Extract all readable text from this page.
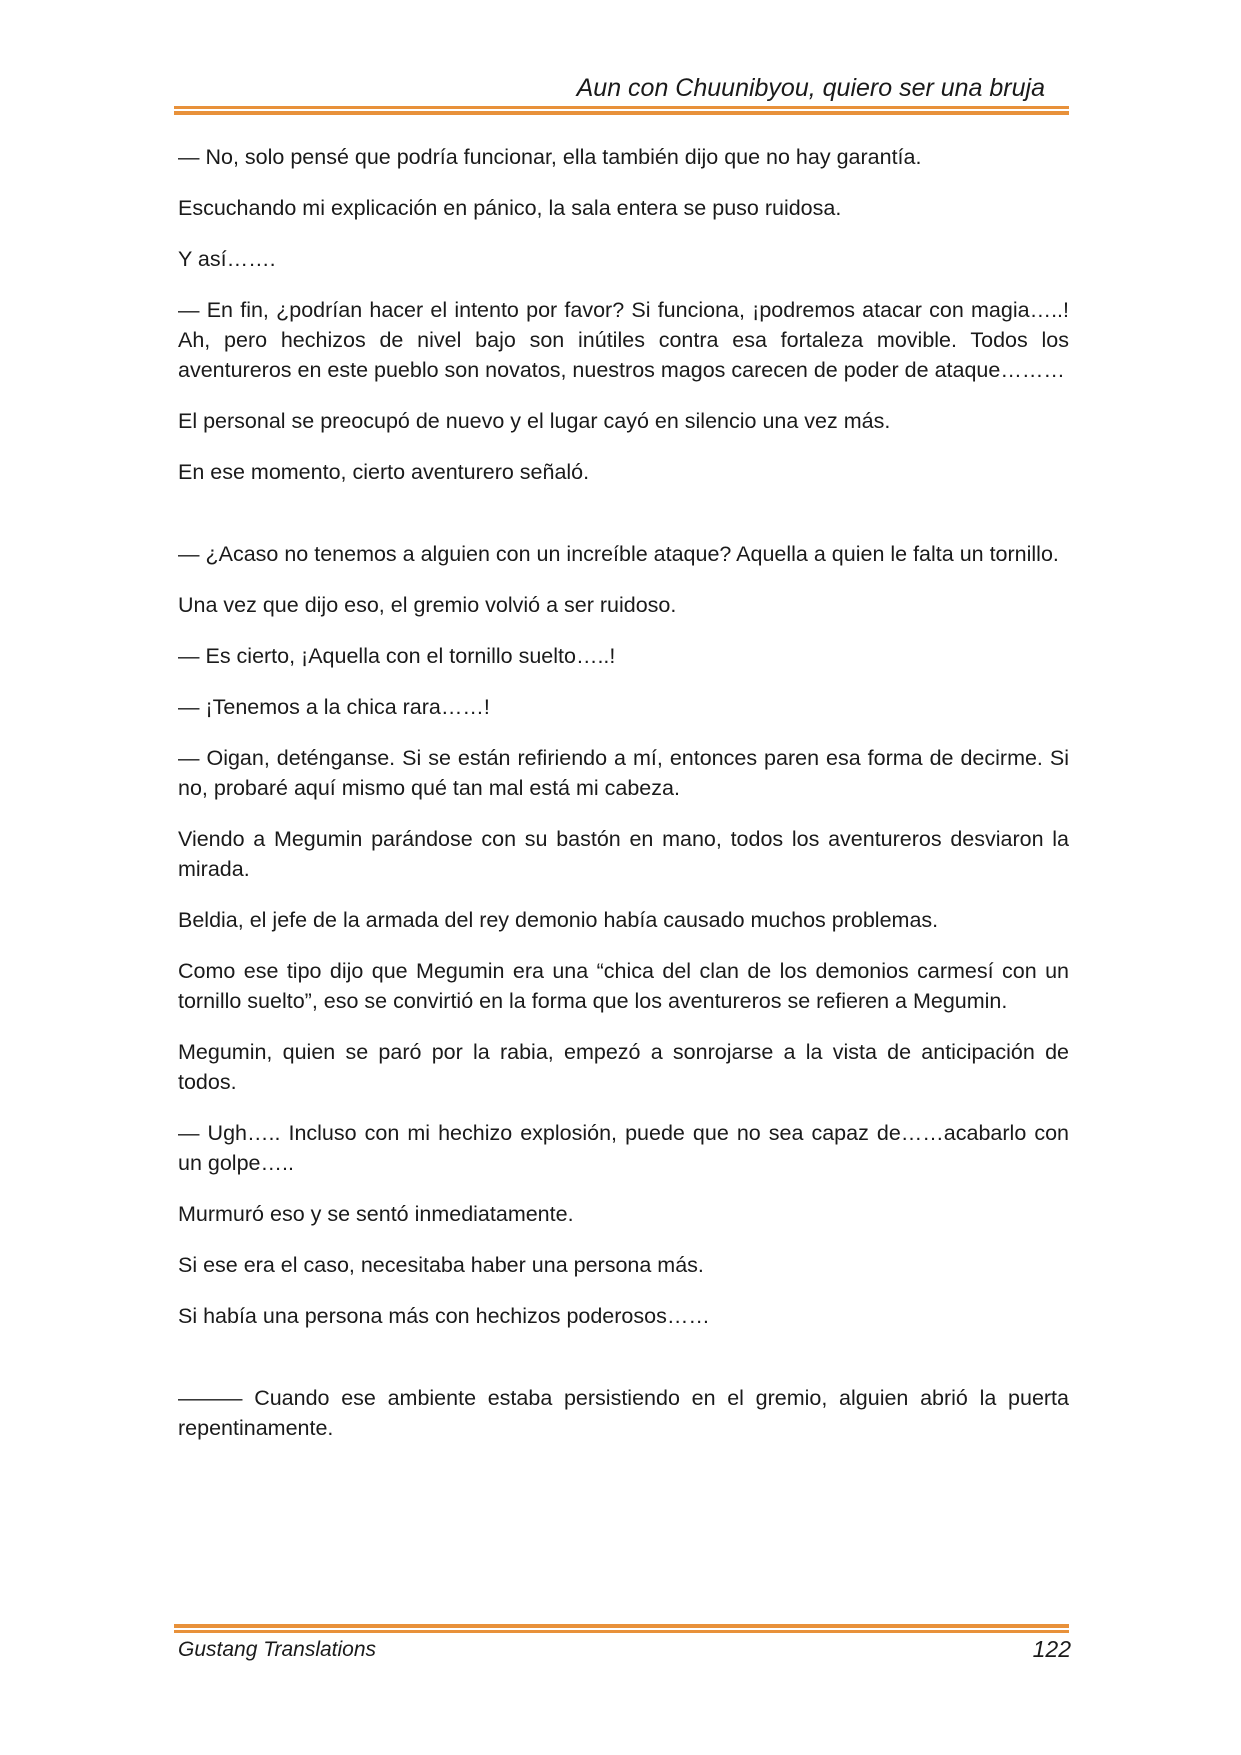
Aun con Chuunibyou, quiero ser una bruja

— No, solo pensé que podría funcionar, ella también dijo que no hay garantía.

Escuchando mi explicación en pánico, la sala entera se puso ruidosa.

Y así…….

— En fin, ¿podrían hacer el intento por favor? Si funciona, ¡podremos atacar con magia…..! Ah, pero hechizos de nivel bajo son inútiles contra esa fortaleza movible. Todos los aventureros en este pueblo son novatos, nuestros magos carecen de poder de ataque………

El personal se preocupó de nuevo y el lugar cayó en silencio una vez más.

En ese momento, cierto aventurero señaló.

— ¿Acaso no tenemos a alguien con un increíble ataque? Aquella a quien le falta un tornillo.

Una vez que dijo eso, el gremio volvió a ser ruidoso.

— Es cierto, ¡Aquella con el tornillo suelto…..!

— ¡Tenemos a la chica rara……!

— Oigan, deténganse. Si se están refiriendo a mí, entonces paren esa forma de decirme. Si no, probaré aquí mismo qué tan mal está mi cabeza.

Viendo a Megumin parándose con su bastón en mano, todos los aventureros desviaron la mirada.

Beldia, el jefe de la armada del rey demonio había causado muchos problemas.

Como ese tipo dijo que Megumin era una “chica del clan de los demonios carmesí con un tornillo suelto”, eso se convirtió en la forma que los aventureros se refieren a Megumin.

Megumin, quien se paró por la rabia, empezó a sonrojarse a la vista de anticipación de todos.

— Ugh….. Incluso con mi hechizo explosión, puede que no sea capaz de……acabarlo con un golpe…..

Murmuró eso y se sentó inmediatamente.

Si ese era el caso, necesitaba haber una persona más.

Si había una persona más con hechizos poderosos……

——— Cuando ese ambiente estaba persistiendo en el gremio, alguien abrió la puerta repentinamente.

Gustang Translations	122
